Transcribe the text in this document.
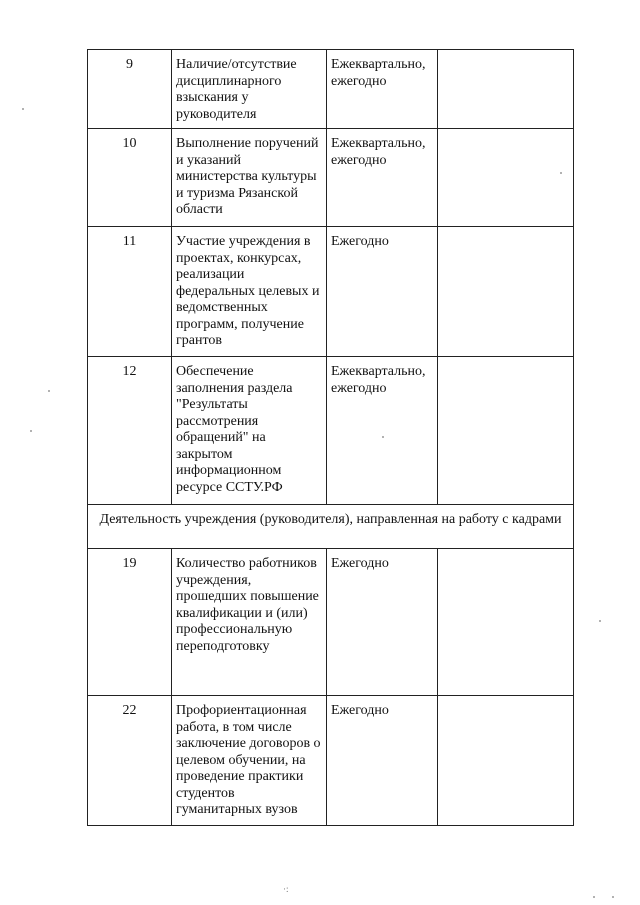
9	Наличие/отсутствие дисциплинарного взыскания у руководителя	Ежеквартально, ежегодно	
10	Выполнение поручений и указаний министерства культуры и туризма Рязанской области	Ежеквартально, ежегодно	
11	Участие учреждения в проектах, конкурсах, реализации федеральных целевых и ведомственных программ, получение грантов	Ежегодно	
12	Обеспечение заполнения раздела "Результаты рассмотрения обращений" на закрытом информационном ресурсе ССТУ.РФ	Ежеквартально, ежегодно	
Деятельность учреждения (руководителя), направленная на работу с кадрами			
19	Количество работников учреждения, прошедших повышение квалификации и (или) профессиональную переподготовку	Ежегодно	
22	Профориентационная работа, в том числе заключение договоров о целевом обучении, на проведение практики студентов гуманитарных вузов	Ежегодно	
·:
